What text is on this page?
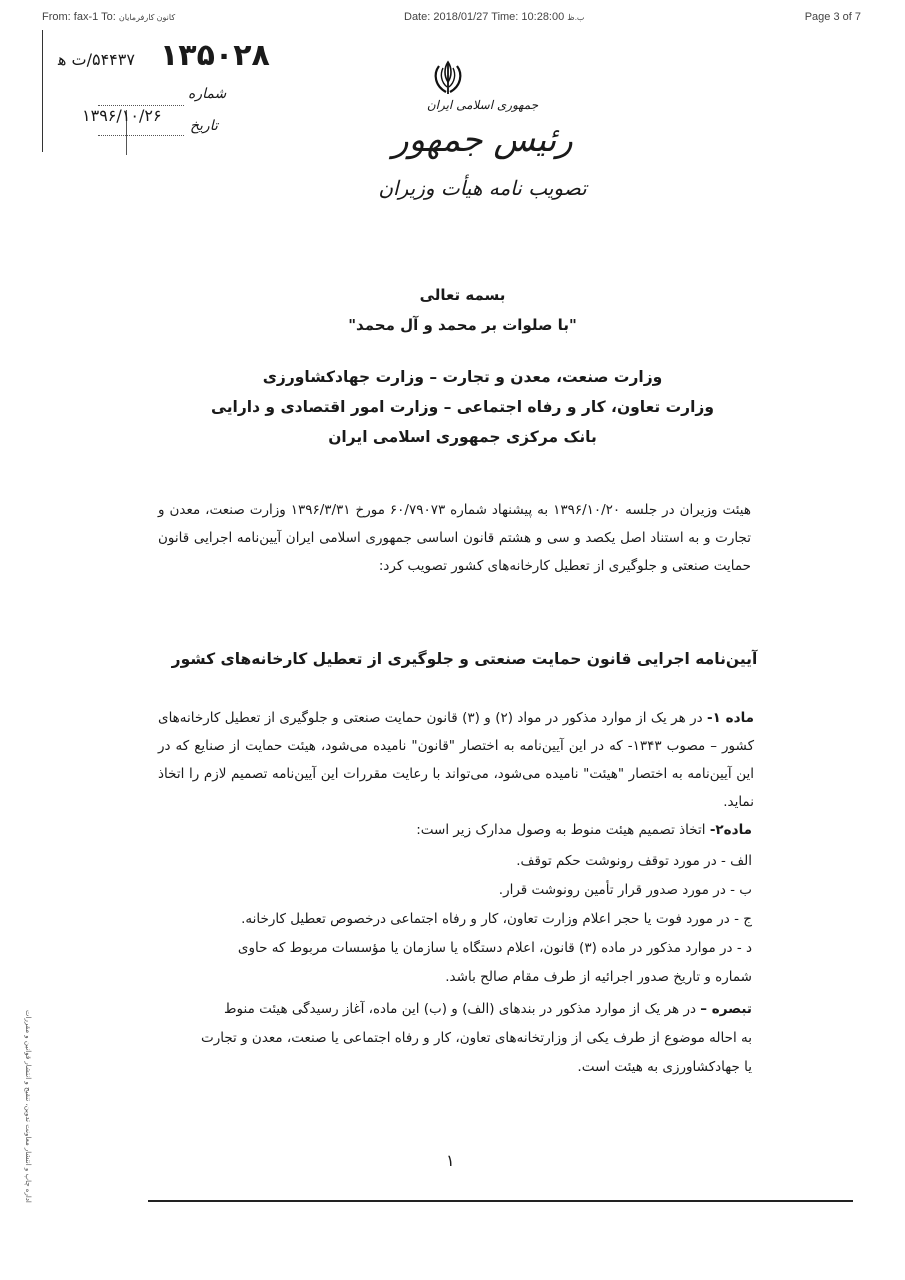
From: fax-1 To: کانون کارفرمایان	Date: 2018/01/27 Time: 10:28:00 ب.ظ	Page 3 of 7
۱۳۵۰۲۸
۵۴۴۳۷/ت ه‍
شماره
تاریخ
۱۳۹۶/۱۰/۲۶
جمهوری اسلامی ایران
رئیس جمهور
تصویب نامه هیأت وزیران
بسمه تعالی
"با صلوات بر محمد و آل محمد"
وزارت صنعت، معدن و تجارت – وزارت جهادکشاورزی
وزارت تعاون، کار و رفاه اجتماعی – وزارت امور اقتصادی و دارایی
بانک مرکزی جمهوری اسلامی ایران
هیئت وزیران در جلسه ۱۳۹۶/۱۰/۲۰ به پیشنهاد شماره ۶۰/۷۹۰۷۳ مورخ ۱۳۹۶/۳/۳۱ وزارت صنعت، معدن و تجارت و به استناد اصل یکصد و سی و هشتم قانون اساسی جمهوری اسلامی ایران آیین‌نامه اجرایی قانون حمایت صنعتی و جلوگیری از تعطیل کارخانه‌های کشور تصویب کرد:
آیین‌نامه اجرایی قانون حمایت صنعتی و جلوگیری از تعطیل کارخانه‌های کشور
ماده ۱- در هر یک از موارد مذکور در مواد (۲) و (۳) قانون حمایت صنعتی و جلوگیری از تعطیل کارخانه‌های کشور – مصوب ۱۳۴۳- که در این آیین‌نامه به اختصار "قانون" نامیده می‌شود، هیئت حمایت از صنایع که در این آیین‌نامه به اختصار "هیئت" نامیده می‌شود، می‌تواند با رعایت مقررات این آیین‌نامه تصمیم لازم را اتخاذ نماید.
ماده۲- اتخاذ تصمیم هیئت منوط به وصول مدارک زیر است:
الف - در مورد توقف رونوشت حکم توقف.
ب - در مورد صدور قرار تأمین رونوشت قرار.
ج - در مورد فوت یا حجر اعلام وزارت تعاون، کار و رفاه اجتماعی درخصوص تعطیل کارخانه.
د - در موارد مذکور در ماده (۳) قانون، اعلام دستگاه یا سازمان یا مؤسسات مربوط که حاوی
شماره و تاریخ صدور اجرائیه از طرف مقام صالح باشد.
تبصره – در هر یک از موارد مذکور در بندهای (الف) و (ب) این ماده، آغاز رسیدگی هیئت منوط
به احاله موضوع از طرف یکی از وزارتخانه‌های تعاون، کار و رفاه اجتماعی یا صنعت، معدن و تجارت
یا جهادکشاورزی به هیئت است.
اداره چاپ و انتشار معاونت تدوین، تنقیح و انتشار قوانین و مقررات	۱
